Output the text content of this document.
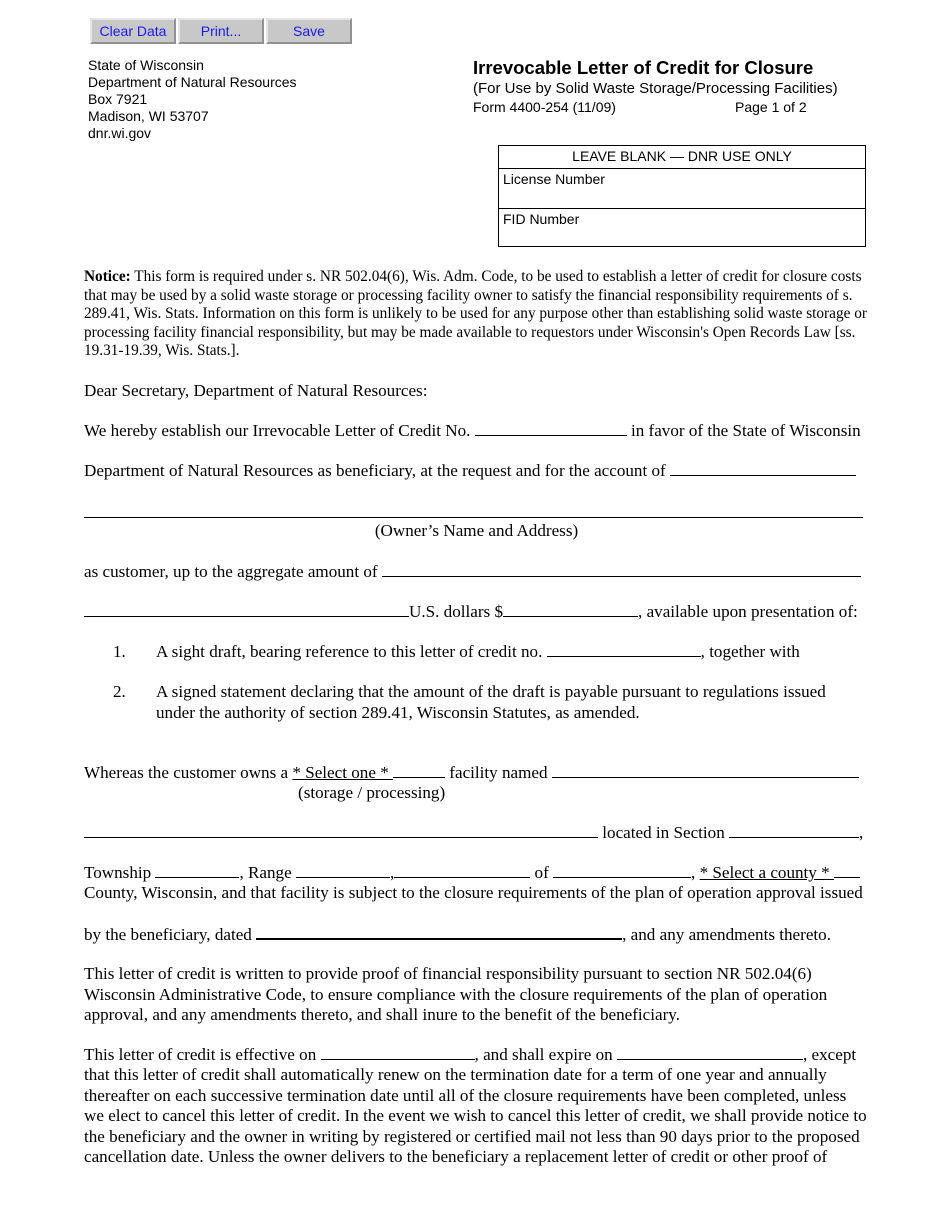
Clear Data	Print...	Save
State of Wisconsin
Department of Natural Resources
Box 7921
Madison, WI 53707
dnr.wi.gov
Irrevocable Letter of Credit for Closure
(For Use by Solid Waste Storage/Processing Facilities)
Form 4400-254 (11/09)	Page 1 of 2
LEAVE BLANK — DNR USE ONLY
License Number
FID Number
Notice: This form is required under s. NR 502.04(6), Wis. Adm. Code, to be used to establish a letter of credit for closure costs that may be used by a solid waste storage or processing facility owner to satisfy the financial responsibility requirements of s. 289.41, Wis. Stats. Information on this form is unlikely to be used for any purpose other than establishing solid waste storage or processing facility financial responsibility, but may be made available to requestors under Wisconsin's Open Records Law [ss. 19.31-19.39, Wis. Stats.].
Dear Secretary, Department of Natural Resources:
We hereby establish our Irrevocable Letter of Credit No.	in favor of the State of Wisconsin
Department of Natural Resources as beneficiary, at the request and for the account of
(Owner’s Name and Address)
as customer, up to the aggregate amount of
U.S. dollars $	, available upon presentation of:
1. A sight draft, bearing reference to this letter of credit no.	, together with
2. A signed statement declaring that the amount of the draft is payable pursuant to regulations issued under the authority of section 289.41, Wisconsin Statutes, as amended.
Whereas the customer owns a * Select one *	facility named
(storage / processing)
located in Section	,
Township	, Range	,	of	, * Select a county *
County, Wisconsin, and that facility is subject to the closure requirements of the plan of operation approval issued
by the beneficiary, dated	, and any amendments thereto.
This letter of credit is written to provide proof of financial responsibility pursuant to section NR 502.04(6) Wisconsin Administrative Code, to ensure compliance with the closure requirements of the plan of operation approval, and any amendments thereto, and shall inure to the benefit of the beneficiary.
This letter of credit is effective on	, and shall expire on	, except
that this letter of credit shall automatically renew on the termination date for a term of one year and annually thereafter on each successive termination date until all of the closure requirements have been completed, unless we elect to cancel this letter of credit. In the event we wish to cancel this letter of credit, we shall provide notice to the beneficiary and the owner in writing by registered or certified mail not less than 90 days prior to the proposed cancellation date. Unless the owner delivers to the beneficiary a replacement letter of credit or other proof of
